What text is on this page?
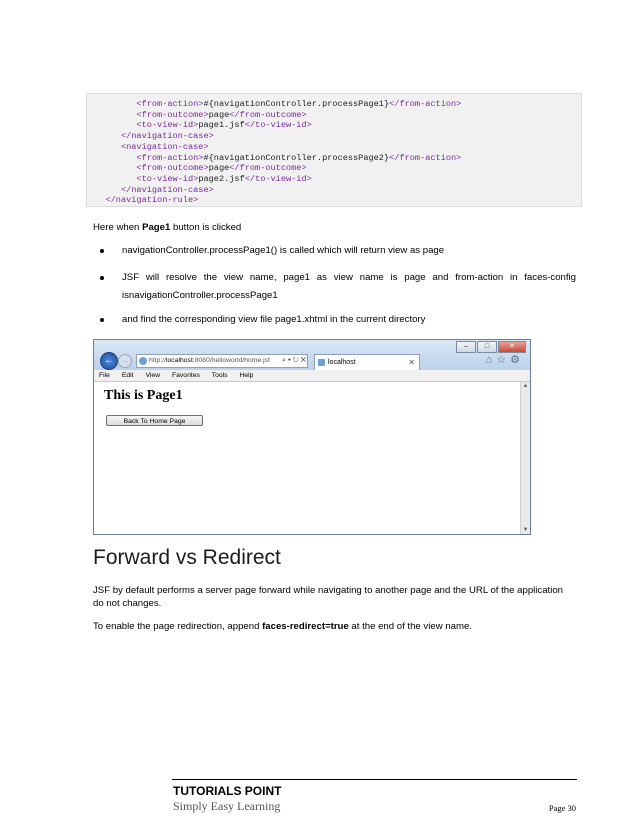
<from-action>#{navigationController.processPage1}</from-action>
<from-outcome>page</from-outcome>
<to-view-id>page1.jsf</to-view-id>
</navigation-case>
<navigation-case>
<from-action>#{navigationController.processPage2}</from-action>
<from-outcome>page</from-outcome>
<to-view-id>page2.jsf</to-view-id>
</navigation-case>
</navigation-rule>
Here when Page1 button is clicked
navigationController.processPage1() is called which will return view as page
JSF will resolve the view name, page1 as view name is page and from-action in faces-config isnavigationController.processPage1
and find the corresponding view file page1.xhtml in the current directory
–	□	✕
← →	http://localhost:8080/helloworld/home.jsf	⌕ ▾ ↻ ✕	localhost	✕	⌂☆⚙
File Edit View Favorites Tools Help
This is Page1
Back To Home Page
▲
▼
Forward vs Redirect
JSF by default performs a server page forward while navigating to another page and the URL of the application do not changes.
To enable the page redirection, append faces-redirect=true at the end of the view name.
TUTORIALS POINT
Simply Easy Learning	Page 30
